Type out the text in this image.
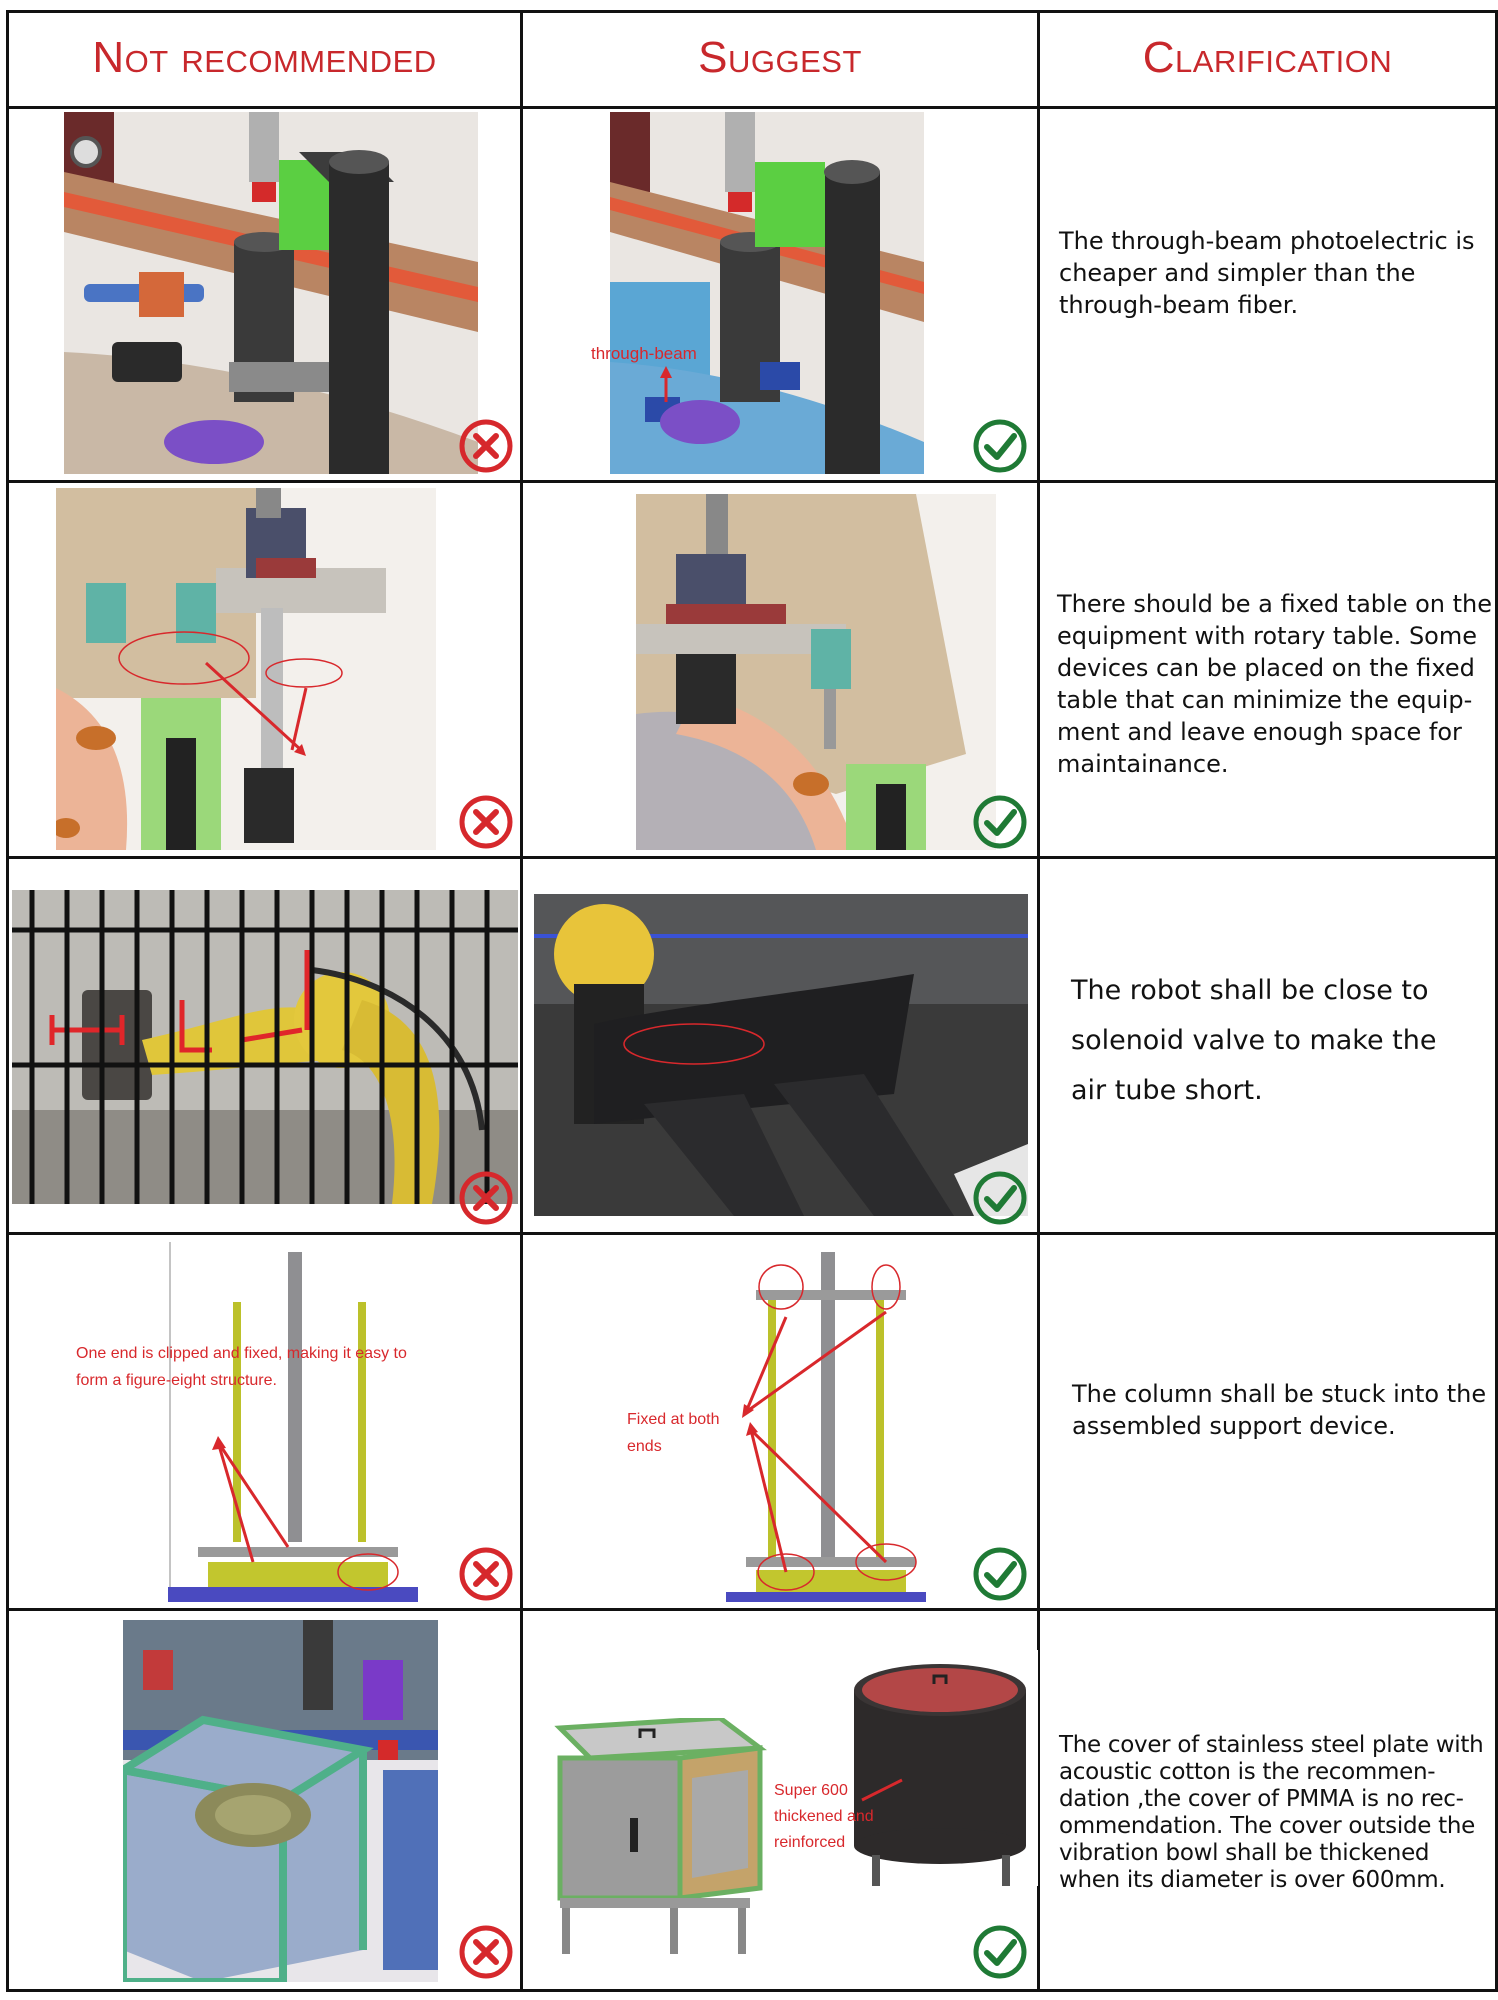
Not recommended	Suggest	Clarification
through-beam
The through-beam photoelectric is cheaper and simpler than the through-beam fiber.
There should be a fixed table on the equipment with rotary table. Some devices can be placed on the fixed table that can minimize the equip-ment and leave enough space for maintainance.
The robot shall be close to solenoid valve to make the air tube short.
One end is clipped and fixed, making it easy to
form a figure-eight structure.
Fixed at both
ends
The column shall be stuck into the assembled support device.
Super 600
thickened and
reinforced
The cover of stainless steel plate with acoustic cotton is the recommen-dation ,the cover of PMMA is no rec-ommendation. The cover outside the vibration bowl shall be thickened when its diameter is over 600mm.
